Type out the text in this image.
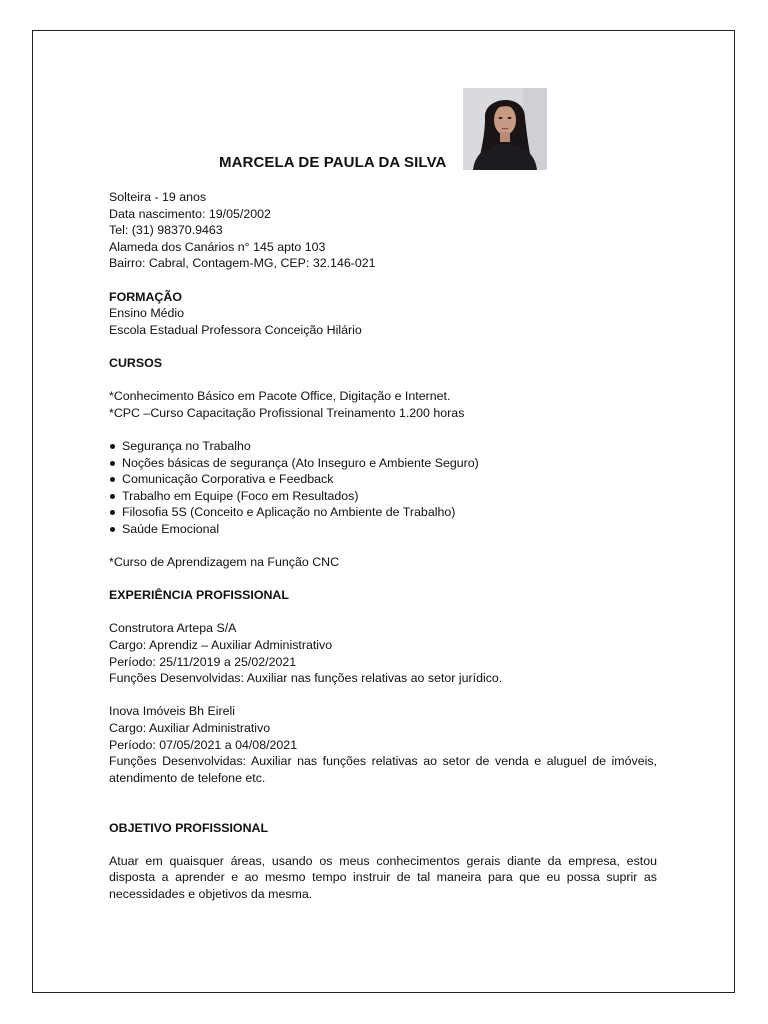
MARCELA DE PAULA DA SILVA
Solteira - 19 anos
Data nascimento: 19/05/2002
Tel: (31) 98370.9463
Alameda dos Canários n° 145 apto 103
Bairro: Cabral, Contagem-MG, CEP: 32.146-021
FORMAÇÃO
Ensino Médio
Escola Estadual Professora Conceição Hilário
CURSOS
*Conhecimento Básico em Pacote Office, Digitação e Internet.
*CPC –Curso Capacitação Profissional Treinamento 1.200 horas
Segurança no Trabalho
Noções básicas de segurança (Ato Inseguro e Ambiente Seguro)
Comunicação Corporativa e Feedback
Trabalho em Equipe (Foco em Resultados)
Filosofia 5S (Conceito e Aplicação no Ambiente de Trabalho)
Saúde Emocional
*Curso de Aprendizagem na Função CNC
EXPERIÊNCIA PROFISSIONAL
Construtora Artepa S/A
Cargo: Aprendiz – Auxiliar Administrativo
Período: 25/11/2019 a 25/02/2021
Funções Desenvolvidas: Auxiliar nas funções relativas ao setor jurídico.
Inova Imóveis Bh Eireli
Cargo: Auxiliar Administrativo
Período: 07/05/2021 a 04/08/2021
Funções Desenvolvidas: Auxiliar nas funções relativas ao setor de venda e aluguel de imóveis, atendimento de telefone etc.
OBJETIVO PROFISSIONAL

Atuar em quaisquer áreas, usando os meus conhecimentos gerais diante da empresa, estou disposta a aprender e ao mesmo tempo instruir de tal maneira para que eu possa suprir as necessidades e objetivos da mesma.
